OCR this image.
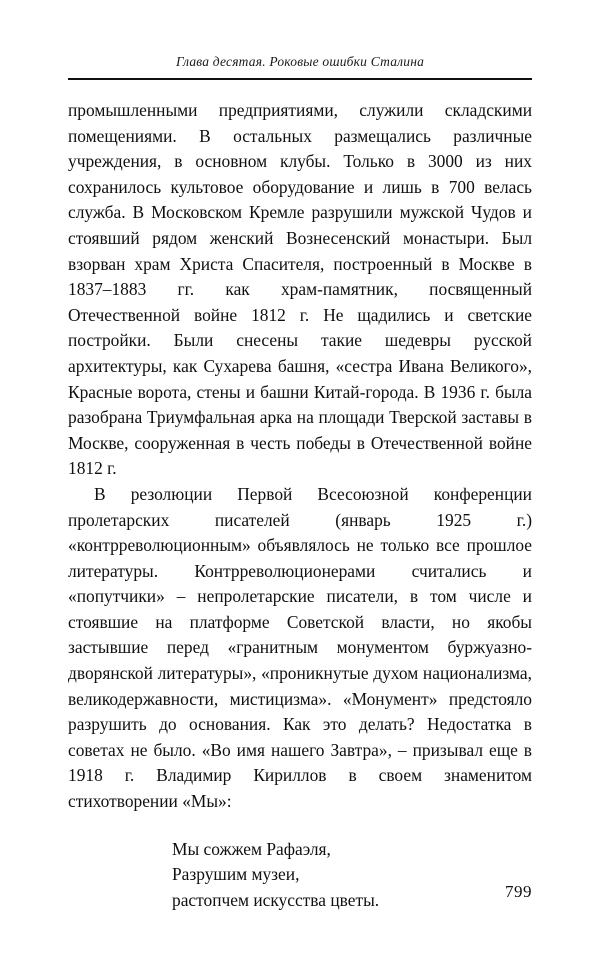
Глава десятая. Роковые ошибки Сталина

промышленными предприятиями, служили складскими помещениями. В остальных размещались различные учреждения, в основном клубы. Только в 3000 из них сохранилось культовое оборудование и лишь в 700 велась служба. В Московском Кремле разрушили мужской Чудов и стоявший рядом женский Вознесенский монастыри. Был взорван храм Христа Спасителя, построенный в Москве в 1837–1883 гг. как храм-памятник, посвященный Отечественной войне 1812 г. Не щадились и светские постройки. Были снесены такие шедевры русской архитектуры, как Сухарева башня, «сестра Ивана Великого», Красные ворота, стены и башни Китай-города. В 1936 г. была разобрана Триумфальная арка на площади Тверской заставы в Москве, сооруженная в честь победы в Отечественной войне 1812 г.

В резолюции Первой Всесоюзной конференции пролетарских писателей (январь 1925 г.) «контрреволюционным» объявлялось не только все прошлое литературы. Контрреволюционерами считались и «попутчики» – непролетарские писатели, в том числе и стоявшие на платформе Советской власти, но якобы застывшие перед «гранитным монументом буржуазно-дворянской литературы», «проникнутые духом национализма, великодержавности, мистицизма». «Монумент» предстояло разрушить до основания. Как это делать? Недостатка в советах не было. «Во имя нашего Завтра», – призывал еще в 1918 г. Владимир Кириллов в своем знаменитом стихотворении «Мы»:

Мы сожжем Рафаэля,

Разрушим музеи,

растопчем искусства цветы.	799
